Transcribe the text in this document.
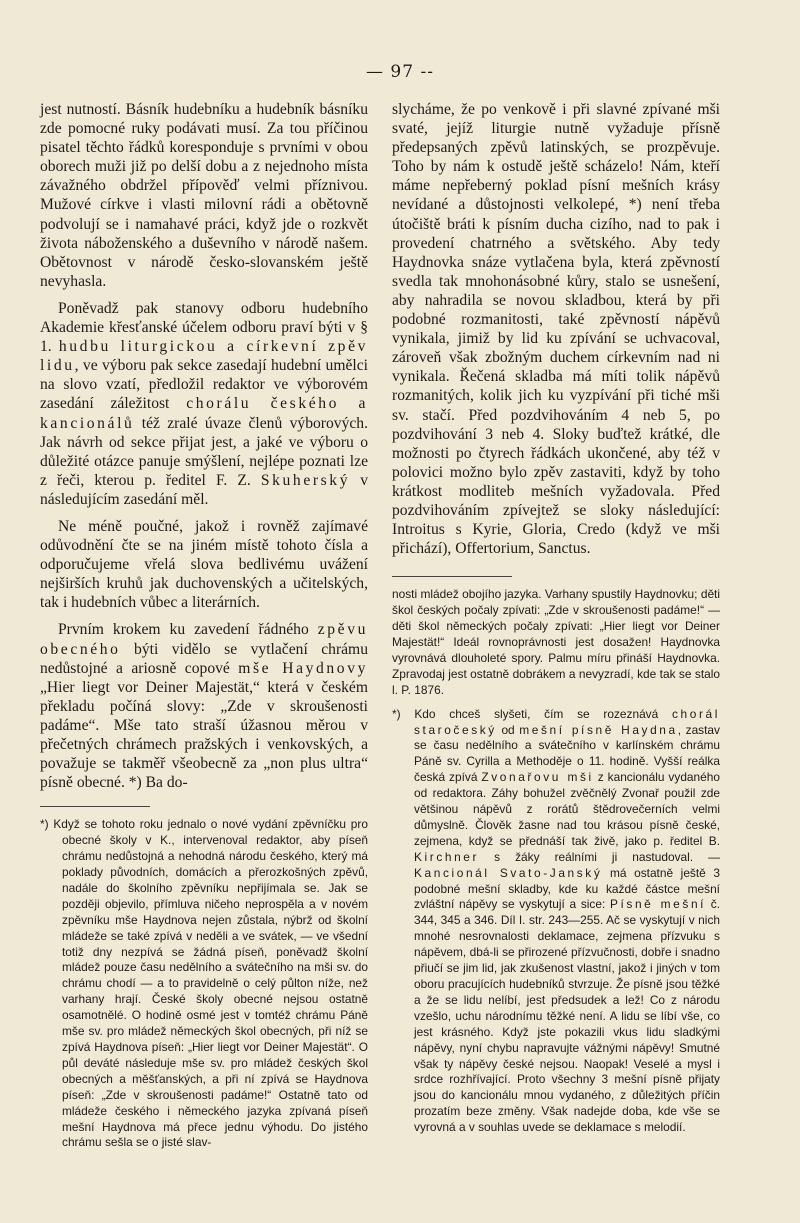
— 97 --

jest nutností. Básník hudebníku a hudebník básníku zde pomocné ruky podávati musí. Za tou příčinou pisatel těchto řádků koresponduje s prvními v obou oborech muži již po delší dobu a z nejednoho místa závažného obdržel přípověď velmi příznivou. Mužové církve i vlasti milovní rádi a obětovně podvolují se i namahavé práci, když jde o rozkvět života náboženského a duševního v národě našem. Obětovnost v národě česko-slovanském ještě nevyhasla.

Poněvadž pak stanovy odboru hudebního Akademie křesťanské účelem odboru praví býti v § 1. hudbu liturgickou a církevní zpěv lidu, ve výboru pak sekce zasedají hudební umělci na slovo vzatí, předložil redaktor ve výborovém zasedání záležitost chorálu českého a kancionálů též zralé úvaze členů výborových. Jak návrh od sekce přijat jest, a jaké ve výboru o důležité otázce panuje smýšlení, nejlépe poznati lze z řeči, kterou p. ředitel F. Z. Skuherský v následujícím zasedání měl.

Ne méně poučné, jakož i rovněž zajímavé odůvodnění čte se na jiném místě tohoto čísla a odporučujeme vřelá slova bedlivému uvážení nejširších kruhů jak duchovenských a učitelských, tak i hudebních vůbec a literárních.

Prvním krokem ku zavedení řádného zpěvu obecného býti vidělo se vytlačení chrámu nedůstojné a ariosně copové mše Haydnovy „Hier liegt vor Deiner Majestät,“ která v českém překladu počíná slovy: „Zde v skroušenosti padáme“. Mše tato straší úžasnou měrou v přečetných chrámech pražských i venkovských, a považuje se takměř všeobecně za „non plus ultra“ písně obecné. *) Ba do-

*) Když se tohoto roku jednalo o nové vydání zpěvníčku pro obecné školy v K., intervenoval redaktor, aby píseň chrámu nedůstojná a nehodná národu českého, který má poklady původních, domácích a přerozkošných zpěvů, nadále do školního zpěvníku nepřijímala se. Jak se později objevilo, přímluva ničeho neprospěla a v novém zpěvníku mše Haydnova nejen zůstala, nýbrž od školní mládeže se také zpívá v neděli a ve svátek, — ve všední totiž dny nezpívá se žádná píseň, poněvadž školní mládež pouze času nedělního a svátečního na mši sv. do chrámu chodí — a to pravidelně o celý půlton níže, než varhany hrají. České školy obecné nejsou ostatně osamotnělé. O hodině osmé jest v tomtéž chrámu Páně mše sv. pro mládež německých škol obecných, při níž se zpívá Haydnova píseň: „Hier liegt vor Deiner Majestät“. O půl deváté následuje mše sv. pro mládež českých škol obecných a měšťanských, a při ní zpívá se Haydnova píseň: „Zde v skroušenosti padáme!“ Ostatně tato od mládeže českého i německého jazyka zpívaná píseň mešní Haydnova má přece jednu výhodu. Do jistého chrámu sešla se o jisté slav-

slycháme, že po venkově i při slavné zpívané mši svaté, jejíž liturgie nutně vyžaduje přísně předepsaných zpěvů latinských, se prozpěvuje. Toho by nám k ostudě ještě scházelo! Nám, kteří máme nepřeberný poklad písní mešních krásy nevídané a důstojnosti velkolepé, *) není třeba útočiště bráti k písním ducha cizího, nad to pak i provedení chatrného a světského. Aby tedy Haydnovka snáze vytlačena byla, která zpěvností svedla tak mnohonásobné kůry, stalo se usnešení, aby nahradila se novou skladbou, která by při podobné rozmanitosti, také zpěvností nápěvů vynikala, jimiž by lid ku zpívání se uchvacoval, zároveň však zbožným duchem církevním nad ni vynikala. Řečená skladba má míti tolik nápěvů rozmanitých, kolik jich ku vyzpívání při tiché mši sv. stačí. Před pozdvihováním 4 neb 5, po pozdvihování 3 neb 4. Sloky buďtež krátké, dle možnosti po čtyrech řádkách ukončené, aby též v polovici možno bylo zpěv zastaviti, když by toho krátkost modliteb mešních vyžadovala. Před pozdvihováním zpívejtež se sloky následující: Introitus s Kyrie, Gloria, Credo (když ve mši přichází), Offertorium, Sanctus.

nosti mládež obojího jazyka. Varhany spustily Haydnovku; děti škol českých počaly zpívati: „Zde v skroušenosti padáme!“ — děti škol německých počaly zpívati: „Hier liegt vor Deiner Majestät!“ Ideál rovnoprávnosti jest dosažen! Haydnovka vyrovnává dlouholeté spory. Palmu míru přináší Haydnovka. Zpravodaj jest ostatně dobrákem a nevyzradí, kde tak se stalo l. P. 1876.

*) Kdo chceš slyšeti, čím se rozeznává chorál staročeský od mešní písně Haydna, zastav se času nedělního a svátečního v karlínském chrámu Páně sv. Cyrilla a Methoděje o 11. hodině. Vyšší reálka česká zpívá Zvonařovu mši z kancionálu vydaného od redaktora. Záhy bohužel zvěčnělý Zvonař použil zde většinou nápěvů z rorátů štědrovečerních velmi důmyslně. Člověk žasne nad tou krásou písně české, zejmena, když se přednáší tak živě, jako p. ředitel B. Kirchner s žáky reálními ji nastudoval. — Kancionál Svato-Janský má ostatně ještě 3 podobné mešní skladby, kde ku každé částce mešní zvláštní nápěvy se vyskytují a sice: Písně mešní č. 344, 345 a 346. Díl I. str. 243—255. Ač se vyskytují v nich mnohé nesrovnalosti deklamace, zejmena přízvuku s nápěvem, dbá-li se přirozené přízvučnosti, dobře i snadno přiučí se jim lid, jak zkušenost vlastní, jakož i jiných v tom oboru pracujících hudebníků stvrzuje. Že písně jsou těžké a že se lidu nelíbí, jest předsudek a lež! Co z národu vzešlo, uchu národnímu těžké není. A lidu se líbí vše, co jest krásného. Když jste pokazili vkus lidu sladkými nápěvy, nyní chybu napravujte vážnými nápěvy! Smutné však ty nápěvy české nejsou. Naopak! Veselé a mysl i srdce rozhřívající. Proto všechny 3 mešní písně přijaty jsou do kancionálu mnou vydaného, z důležitých příčin prozatím beze změny. Však nadejde doba, kde vše se vyrovná a v souhlas uvede se deklamace s melodií.
